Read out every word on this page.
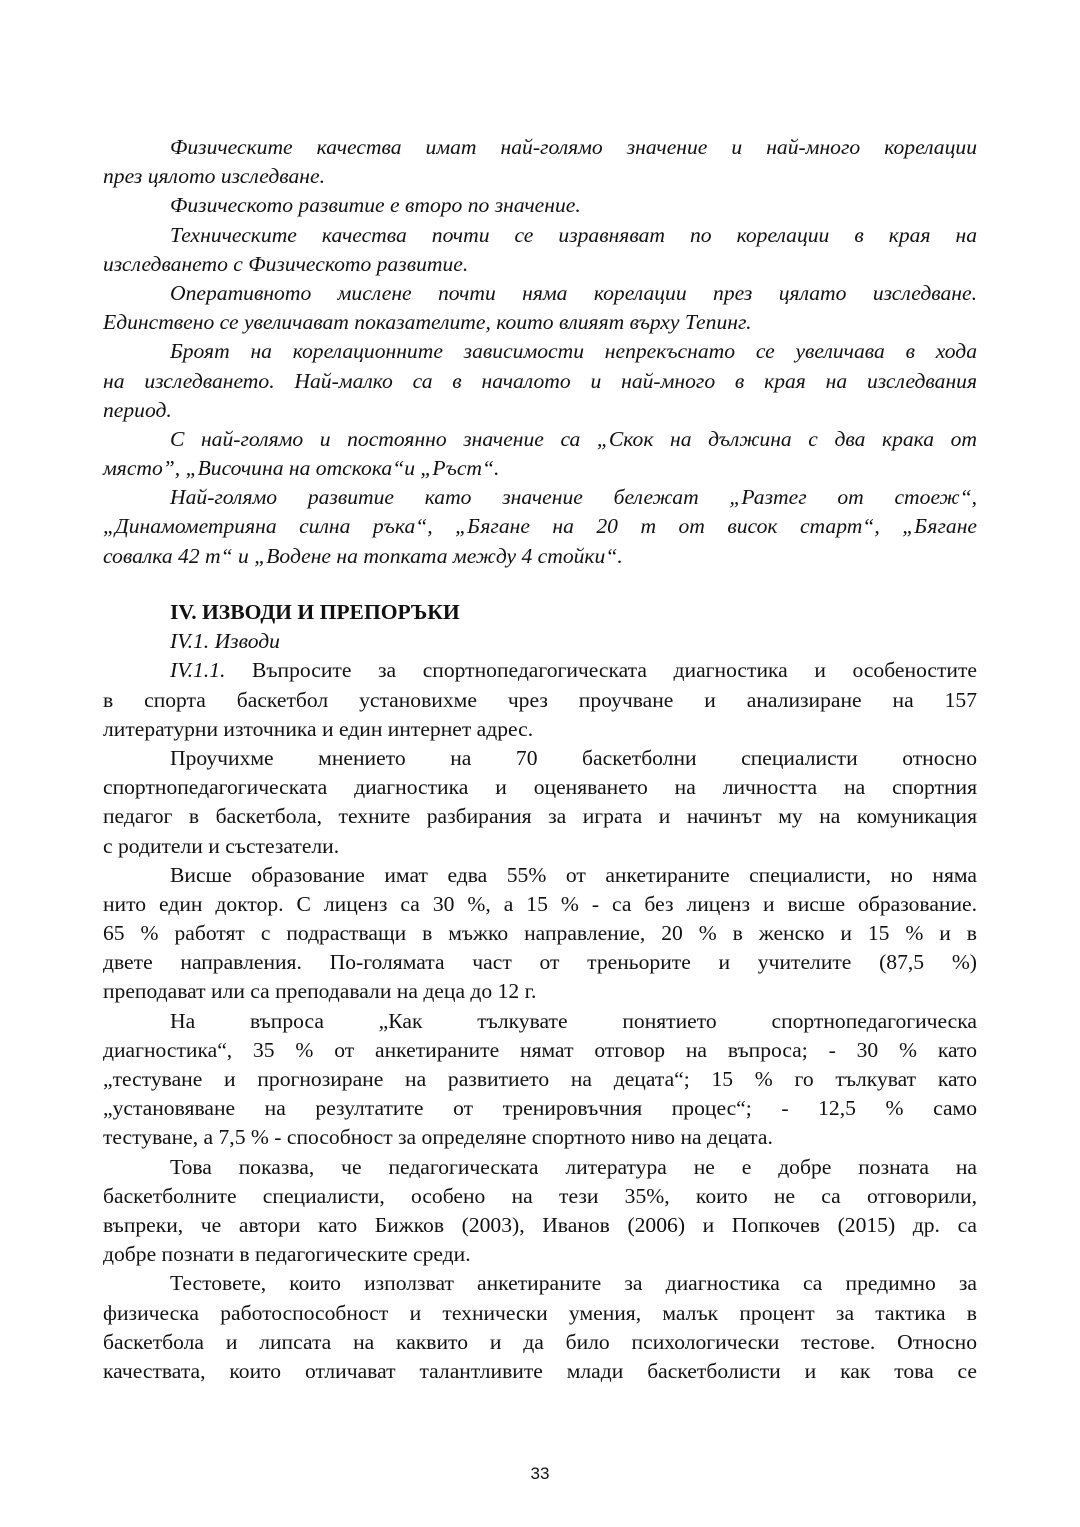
Физическите качества имат най-голямо значение и най-много корелации
през цялото изследване.
Физическото развитие е второ по значение.
Техническите качества почти се изравняват по корелации в края на
изследването с Физическото развитие.
Оперативното мислене почти няма корелации през цялато изследване.
Единствено се увеличават показателите, които влияят върху Тепинг.
Броят на корелационните зависимости непрекъснато се увеличава в хода
на изследването. Най-малко са в началото и най-много в края на изследвания
период.
С най-голямо и постоянно значение са „Скок на дължина с два крака от
място”, „Височина на отскока“и „Ръст“.
Най-голямо развитие като значение бележат „Разтег от стоеж“,
„Динамометрияна силна ръка“, „Бягане на 20 m от висок старт“, „Бягане
совалка 42 m“ и „Водене на топката между 4 стойки“.
IV. ИЗВОДИ И ПРЕПОРЪКИ
IV.1. Изводи
IV.1.1. Въпросите за спортнопедагогическата диагностика и особеностите
в спорта баскетбол установихме чрез проучване и анализиране на 157
литературни източника и един интернет адрес.
Проучихме мнението на 70 баскетболни специалисти относно
спортнопедагогическата диагностика и оценяването на личността на спортния
педагог в баскетбола, техните разбирания за играта и начинът му на комуникация
с родители и състезатели.
Висше образование имат едва 55% от анкетираните специалисти, но няма
нито един доктор. С лиценз са 30 %, а 15 % - са без лиценз и висше образование.
65 % работят с подрастващи в мъжко направление, 20 % в женско и 15 % и в
двете направления. По-голямата част от треньорите и учителите (87,5 %)
преподават или са преподавали на деца до 12 г.
На въпроса „Как тълкувате понятието спортнопедагогическа
диагностика“, 35 % от анкетираните нямат отговор на въпроса; - 30 % като
„тестуване и прогнозиране на развитието на децата“; 15 % го тълкуват като
„установяване на резултатите от тренировъчния процес“; - 12,5 % само
тестуване, а 7,5 % - способност за определяне спортното ниво на децата.
Това показва, че педагогическата литература не е добре позната на
баскетболните специалисти, особено на тези 35%, които не са отговорили,
въпреки, че автори като Бижков (2003), Иванов (2006) и Попкочев (2015) др. са
добре познати в педагогическите среди.
Тестовете, които използват анкетираните за диагностика са предимно за
физическа работоспособност и технически умения, малък процент за тактика в
баскетбола и липсата на каквито и да било психологически тестове. Относно
качествата, които отличават талантливите млади баскетболисти и как това се
33
